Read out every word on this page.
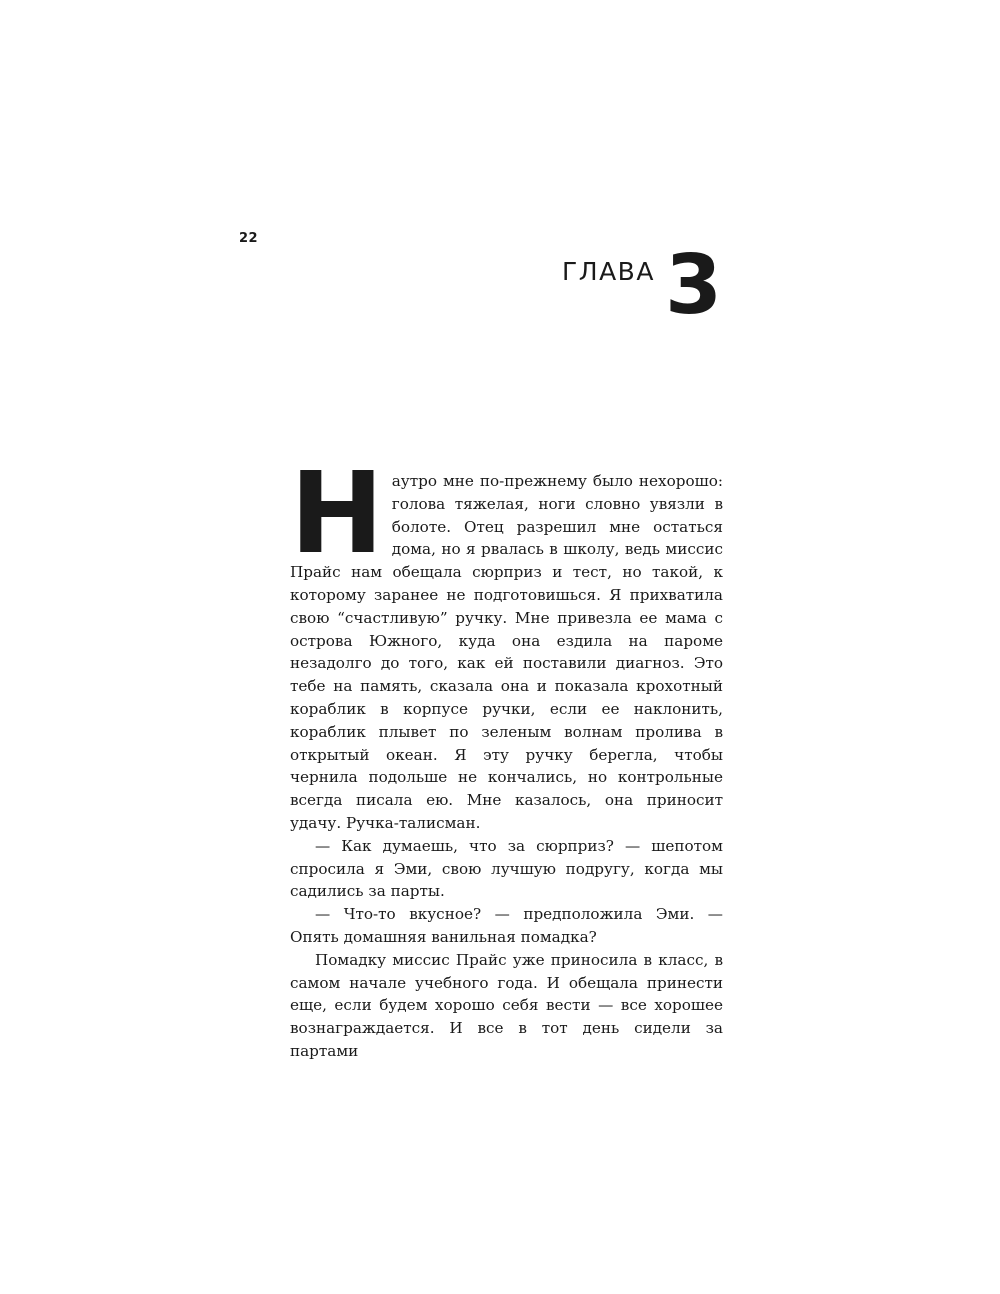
22
ГЛАВА 3

Наутро мне по-прежнему было нехорошо: голова тяжелая, ноги словно увязли в болоте. Отец разрешил мне остаться дома, но я рвалась в школу, ведь миссис Прайс нам обещала сюрприз и тест, но такой, к которому заранее не подготовишься. Я прихватила свою “счастливую” ручку. Мне привезла ее мама с острова Южного, куда она ездила на пароме незадолго до того, как ей поставили диагноз. Это тебе на память, сказала она и показала крохотный кораблик в корпусе ручки, если ее наклонить, кораблик плывет по зеленым волнам пролива в открытый океан. Я эту ручку берегла, чтобы чернила подольше не кончались, но контрольные всегда писала ею. Мне казалось, она приносит удачу. Ручка-талисман.

— Как думаешь, что за сюрприз? — шепотом спросила я Эми, свою лучшую подругу, когда мы садились за парты.

— Что-то вкусное? — предположила Эми. — Опять домашняя ванильная помадка?

Помадку миссис Прайс уже приносила в класс, в самом начале учебного года. И обещала принести еще, если будем хорошо себя вести — все хорошее вознаграждается. И все в тот день сидели за партами
